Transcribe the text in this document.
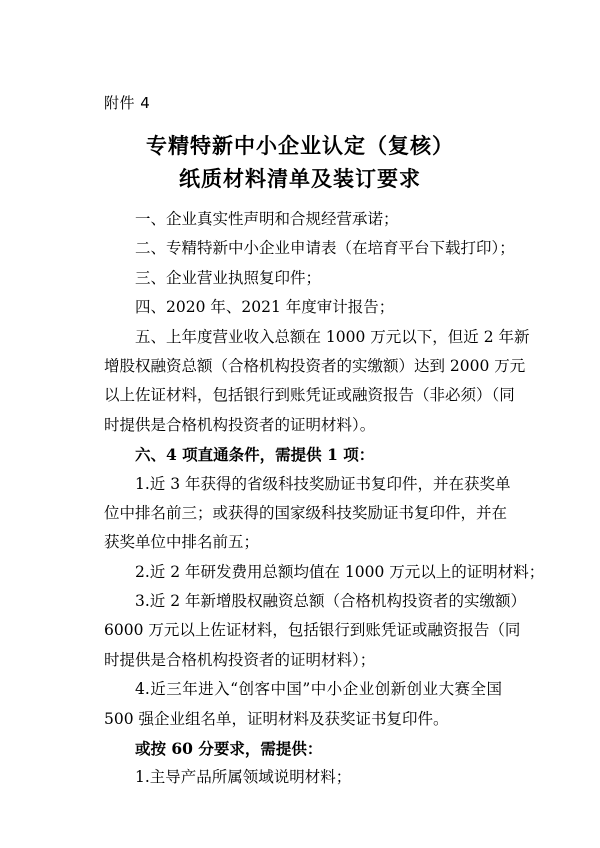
附件 4
专精特新中小企业认定（复核）
纸质材料清单及装订要求
一、企业真实性声明和合规经营承诺；
二、专精特新中小企业申请表（在培育平台下载打印）；
三、企业营业执照复印件；
四、2020 年、2021 年度审计报告；
五、上年度营业收入总额在 1000 万元以下，但近 2 年新
增股权融资总额（合格机构投资者的实缴额）达到 2000 万元
以上佐证材料，包括银行到账凭证或融资报告（非必须）（同
时提供是合格机构投资者的证明材料）。
六、4 项直通条件，需提供 1 项：
1.近 3 年获得的省级科技奖励证书复印件，并在获奖单
位中排名前三；或获得的国家级科技奖励证书复印件，并在
获奖单位中排名前五；
2.近 2 年研发费用总额均值在 1000 万元以上的证明材料；
3.近 2 年新增股权融资总额（合格机构投资者的实缴额）
6000 万元以上佐证材料，包括银行到账凭证或融资报告（同
时提供是合格机构投资者的证明材料）；
4.近三年进入“创客中国”中小企业创新创业大赛全国
500 强企业组名单，证明材料及获奖证书复印件。
或按 60 分要求，需提供：
1.主导产品所属领域说明材料；
